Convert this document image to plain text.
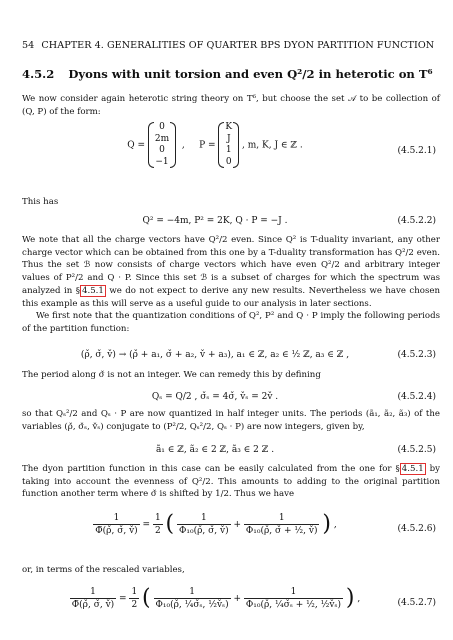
54 CHAPTER 4. GENERALITIES OF QUARTER BPS DYON PARTITION FUNCTION
4.5.2 Dyons with unit torsion and even Q²/2 in heterotic on T⁶
We now consider again heterotic string theory on T⁶, but choose the set 𝒜 to be collection of (Q, P) of the form:
Q = 0
2m
0
−1  ,     P = K
J
1
0 , m, K, J ∈ ℤ .
(4.5.2.1)
This has
Q² = −4m, P² = 2K, Q · P = −J .	(4.5.2.2)
We note that all the charge vectors have Q²/2 even. Since Q² is T-duality invariant, any other charge vector which can be obtained from this one by a T-duality transformation has Q²/2 even. Thus the set ℬ now consists of charge vectors which have even Q²/2 and arbitrary integer values of P²/2 and Q · P. Since this set ℬ is a subset of charges for which the spectrum was analyzed in § 4.5.1 we do not expect to derive any new results. Nevertheless we have chosen this example as this will serve as a useful guide to our analysis in later sections.
We first note that the quantization conditions of Q², P² and Q · P imply the following periods of the partition function:
(ρ̌, σ̌, v̌) → (ρ̌ + a₁, σ̌ + a₂, v̌ + a₃), a₁ ∈ ℤ, a₂ ∈ ½ ℤ, a₃ ∈ ℤ ,	(4.5.2.3)
The period along σ̌ is not an integer. We can remedy this by defining
Qₛ = Q/2 , σ̌ₛ = 4σ̌, v̌ₛ = 2v̌ .	(4.5.2.4)
so that Qₛ²/2 and Qₛ · P are now quantized in half integer units. The periods (ã₁, ã₂, ã₃) of the variables (ρ̌, σ̌ₛ, v̌ₛ) conjugate to (P²/2, Qₛ²/2, Qₛ · P) are now integers, given by,
ã₁ ∈ ℤ, ã₂ ∈ 2 ℤ, ã₃ ∈ 2 ℤ .	(4.5.2.5)
The dyon partition function in this case can be easily calculated from the one for § 4.5.1 by taking into account the evenness of Q²/2. This amounts to adding to the original partition function another term where σ̌ is shifted by 1/2. Thus we have
$\frac{1}{\Phĩ(\rhǒ, \sigmǎ, v̌)} = \frac{1}{2}$ ( $\frac{1}{\text{Φ₁₀(ρ̌, σ̌, v̌)}} + \frac{1}{\text{Φ₁₀(ρ̌, σ̌ + ½, v̌)}}$ ) ,	(4.5.2.6)
or, in terms of the rescaled variables,
$\frac{1}{\Phĩ(\rhǒ, \sigmǎ, v̌)} = \frac{1}{2}$ ( $\frac{1}{\text{Φ₁₀(ρ̌, ¼σ̌ₛ, ½v̌ₛ)}} + \frac{1}{\text{Φ₁₀(ρ̌, ¼σ̌ₛ + ½, ½v̌ₛ)}}$ ) ,	(4.5.2.7)
